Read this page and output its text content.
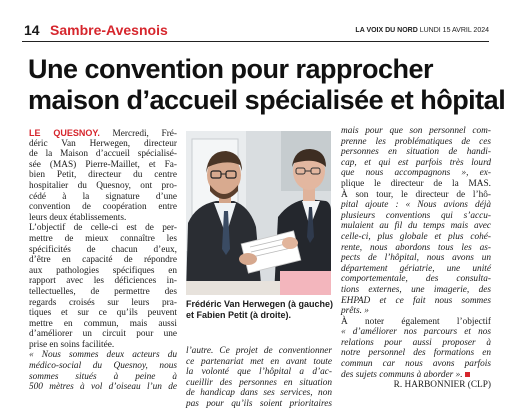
14 Sambre-Avesnois	LA VOIX DU NORD LUNDI 15 AVRIL 2024
Une convention pour rapprocher
maison d’accueil spécialisée et hôpital
LE QUESNOY. Mercredi, Fré-
déric Van Herwegen, directeur
de la Maison d’accueil spécialisé-
sée (MAS) Pierre-Maillet, et Fa-
bien Petit, directeur du centre
hospitalier du Quesnoy, ont pro-
cédé à la signature d’une
convention de coopération entre
leurs deux établissements.
L’objectif de celle-ci est de per-
mettre de mieux connaître les
spécificités de chacun d’eux,
d’être en capacité de répondre
aux pathologies spécifiques en
rapport avec les déficiences in-
tellectuelles, de permettre des
regards croisés sur leurs pra-
tiques et sur ce qu’ils peuvent
mettre en commun, mais aussi
d’améliorer un circuit pour une
prise en soins facilitée.
« Nous sommes deux acteurs du
médico-social du Quesnoy, nous
sommes situés à peine à
500 mètres à vol d’oiseau l’un de
Frédéric Van Herwegen (à gauche)
et Fabien Petit (à droite).
l’autre. Ce projet de conventionner
ce partenariat met en avant toute
la volonté que l’hôpital a d’ac-
cueillir des personnes en situation
de handicap dans ses services, non
pas pour qu’ils soient prioritaires
mais pour que son personnel com-
prenne les problématiques de ces
personnes en situation de handi-
cap, et qui est parfois très lourd
que nous accompagnons », ex-
plique le directeur de la MAS.
À son tour, le directeur de l’hô-
pital ajoute : « Nous avions déjà
plusieurs conventions qui s’accu-
mulaient au fil du temps mais avec
celle-ci, plus globale et plus cohé-
rente, nous abordons tous les as-
pects de l’hôpital, nous avons un
département gériatrie, une unité
comportementale, des consulta-
tions externes, une imagerie, des
EHPAD et ce fait nous sommes
prêts. »
À noter également l’objectif
« d’améliorer nos parcours et nos
relations pour aussi proposer à
notre personnel des formations en
commun car nous avons parfois
des sujets communs à aborder ».
R. HARBONNIER (CLP)
